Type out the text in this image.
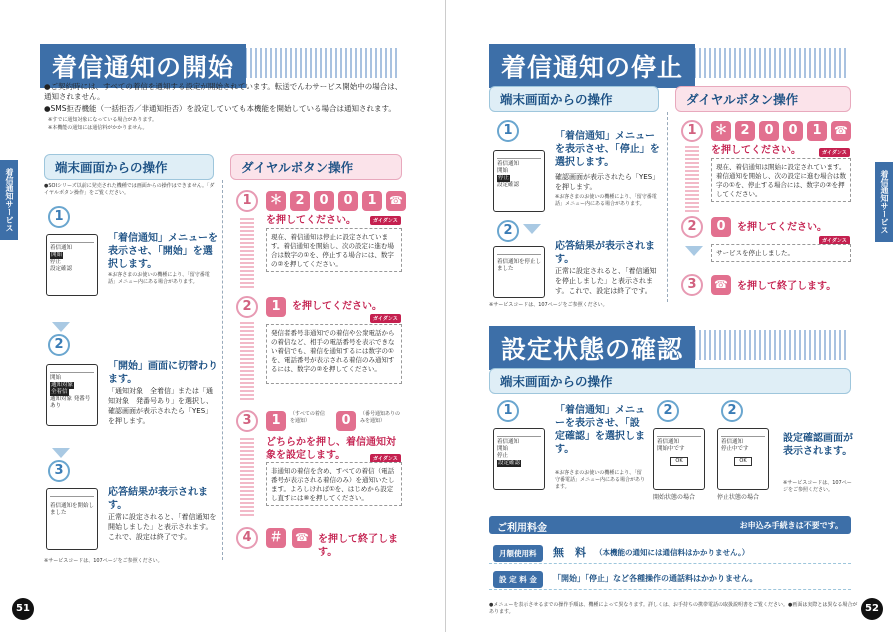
着信通知の開始
●ご契約時には、すべての着信を通知する設定が開始されています。転送でんわサービス開始中の場合は、通知されません。
●SMS拒否機能（一括拒否／非通知拒否）を設定していても本機能を開始している場合は通知されます。
※すでに通知対象になっている場合があります。
※本機能の通知には通信料がかかりません。
着信通知サービス
端末画面からの操作	ダイヤルボタン操作
●SOIシリーズ以前に発売された機種では画面からの操作はできません。「ダイヤルボタン操作」をご覧ください。
1
着信通知
開始
停止
設定確認
「着信通知」メニューを表示させ、「開始」を選択します。
※お客さまのお使いの機種により、「留守番電話」メニュー内にある場合があります。
2
開始
通知対象 全着信
通知対象 発番号あり
「開始」画面に切替わります。
「通知対象　全着信」または「通知対象　発番号あり」を選択し、確認画面が表示されたら「YES」を押します。
3
着信通知を開始しました
応答結果が表示されます。
正常に設定されると、「着信通知を開始しました」と表示されます。これで、設定は終了です。
※サービスコードは、107ページをご参照ください。
1	＊ 2	0	0	1	☎
を押してください。	ガイダンス
現在、着信通知は停止に設定されています。着信通知を開始し、次の設定に進む場合は数字の①を、停止する場合には、数字の②を押してください。
2	1	を押してください。
ガイダンス
発信者番号非通知での着信や公衆電話からの着信など、相手の電話番号を表示できない着信でも、着信を通知するには数字の①を、電話番号が表示される着信のみ通知するには、数字の②を押してください。
3	1	（すべての着信を通知）	0	（番号通知ありのみを通知）
どちらかを押し、着信通知対象を設定します。	ガイダンス
非通知の着信を含め、すべての着信（電話番号が表示される着信のみ）を通知いたします。よろしければ①を、はじめから設定し直すには⑧を押してください。
4	＃	☎ を押して終了します。
51
着信通知の停止
着信通知サービス
端末画面からの操作	ダイヤルボタン操作
1
着信通知
開始
停止
設定確認
「着信通知」メニューを表示させ、「停止」を選択します。
確認画面が表示されたら「YES」を押します。
※お客さまのお使いの機種により、「留守番電話」メニュー内にある場合があります。
2
着信通知を停止しました
応答結果が表示されます。
正常に設定されると、「着信通知を停止しました」と表示されます。これで、設定は終了です。
※サービスコードは、107ページをご参照ください。
1	＊ 2	0	0	1	☎
を押してください。	ガイダンス
現在、着信通知は開始に設定されています。着信通知を開始し、次の設定に進む場合は数字の①を、停止する場合には、数字の②を押してください。
2	0	を押してください。
ガイダンス
サービスを停止しました。
3	☎ を押して終了します。
設定状態の確認
端末画面からの操作
1
着信通知
開始
停止
設定確認
「着信通知」メニューを表示させ、「設定確認」を選択します。
※お客さまのお使いの機種により、「留守番電話」メニュー内にある場合があります。
2
着信通知
開始中です
OK
開始状態の場合
2
着信通知
停止中です
OK
停止状態の場合
設定確認画面が表示されます。
※サービスコードは、107ページをご参照ください。
ご利用料金	お申込み手続きは不要です。
月額使用料	無　料 （本機能の通知には通信料はかかりません。）
設 定 料 金	「開始」「停止」など各種操作の通話料はかかりません。
●メニューを表示させるまでの操作手順は、機種によって異なります。詳しくは、お手持ちの携帯電話の取扱説明書をご覧ください。●画面は実際とは異なる場合があります。	52
